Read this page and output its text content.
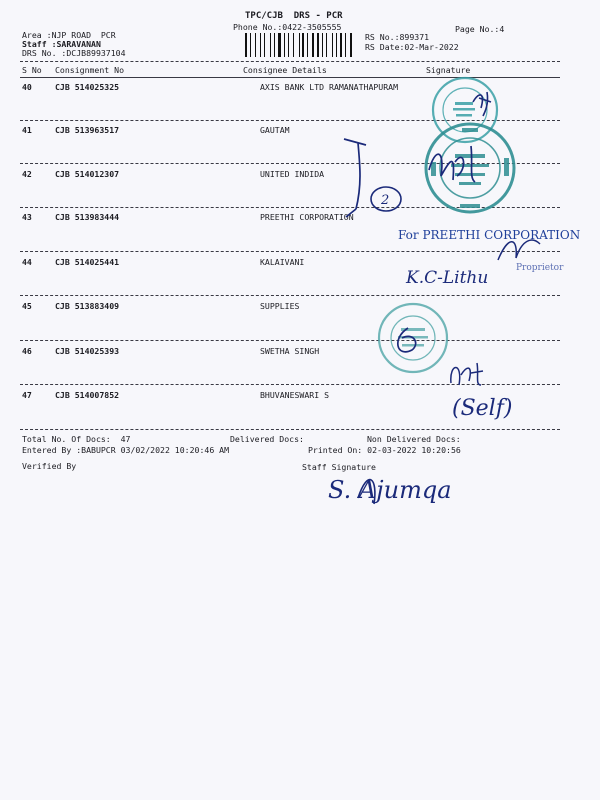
TPC/CJB  DRS - PCR
Phone No.:0422-3505555	Page No.:4
Area :NJP ROAD  PCR
Staff :SARAVANAN
DRS No. :DCJB89937104
RS No.:899371
RS Date:02-Mar-2022
S No Consignment No	Consignee Details	Signature
40	CJB 514025325	AXIS BANK LTD RAMANATHAPURAM
41	CJB 513963517	GAUTAM
42	CJB 514012307	UNITED INDIDA
43	CJB 513983444	PREETHI CORPORATION
44	CJB 514025441	KALAIVANI
45	CJB 513883409	SUPPLIES
46	CJB 514025393	SWETHA SINGH
47	CJB 514007852	BHUVANESWARI S
Total No. Of Docs:  47	Delivered Docs:	Non Delivered Docs:
Entered By :BABUPCR 03/02/2022 10:20:46 AM	Printed On: 02-03-2022 10:20:56
Verified By	Staff Signature
2
For PREETHI CORPORATION
Proprietor
K.C-Lithu
(Self)
S. Ajumqa
